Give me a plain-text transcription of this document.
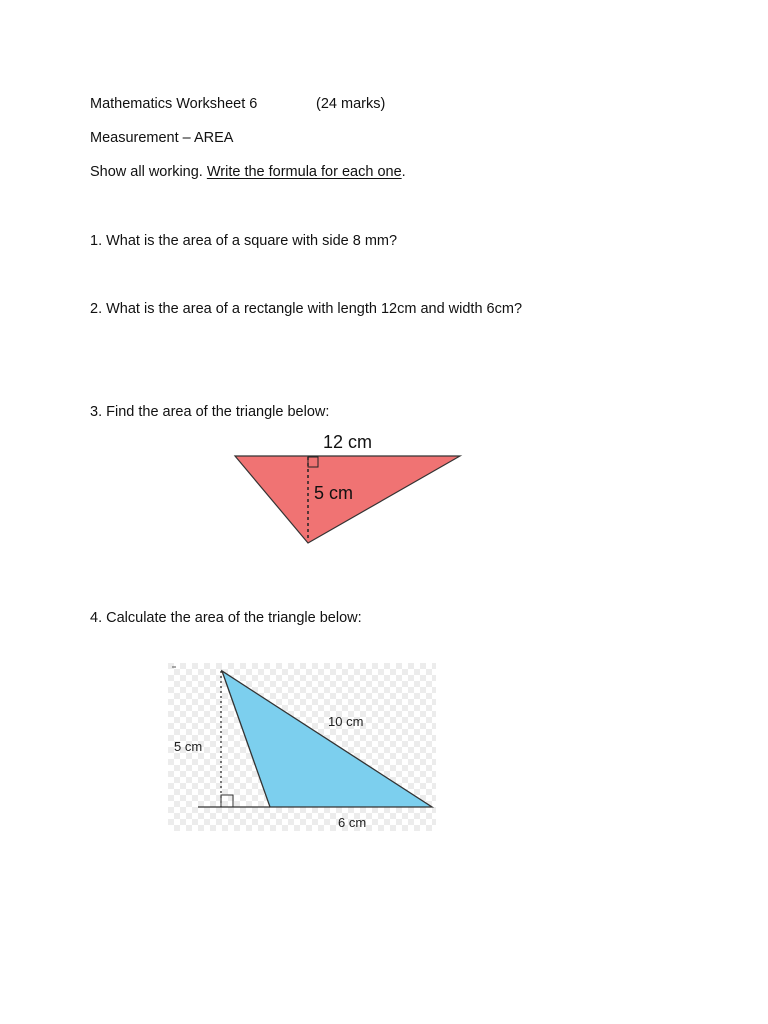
Mathematics Worksheet 6	(24 marks)
Measurement – AREA
Show all working. Write the formula for each one.
1. What is the area of a square with side 8 mm?
2. What is the area of a rectangle with length 12cm and width 6cm?
3. Find the area of the triangle below:
12 cm
5 cm
4. Calculate the area of the triangle below:
5 cm
10 cm
6 cm
